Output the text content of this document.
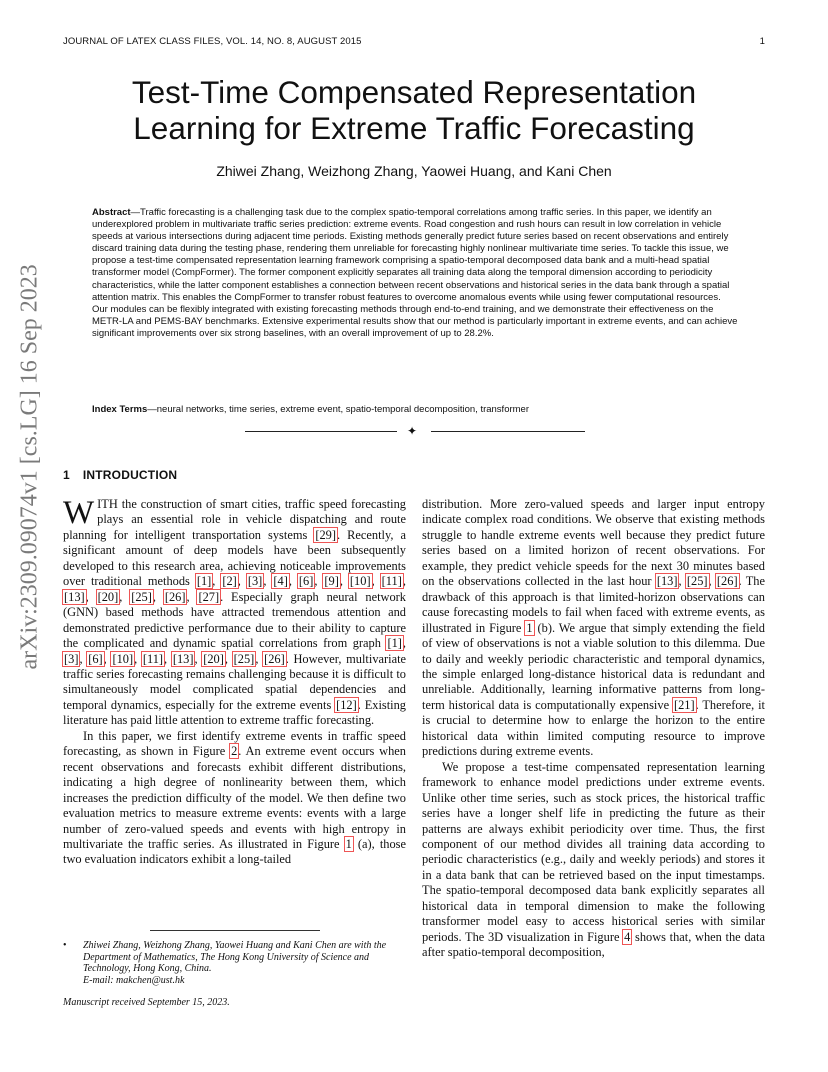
JOURNAL OF LATEX CLASS FILES, VOL. 14, NO. 8, AUGUST 2015	1
Test-Time Compensated Representation
Learning for Extreme Traffic Forecasting
Zhiwei Zhang, Weizhong Zhang, Yaowei Huang, and Kani Chen
Abstract—Traffic forecasting is a challenging task due to the complex spatio-temporal correlations among traffic series. In this paper, we identify an underexplored problem in multivariate traffic series prediction: extreme events. Road congestion and rush hours can result in low correlation in vehicle speeds at various intersections during adjacent time periods. Existing methods generally predict future series based on recent observations and entirely discard training data during the testing phase, rendering them unreliable for forecasting highly nonlinear multivariate time series. To tackle this issue, we propose a test-time compensated representation learning framework comprising a spatio-temporal decomposed data bank and a multi-head spatial transformer model (CompFormer). The former component explicitly separates all training data along the temporal dimension according to periodicity characteristics, while the latter component establishes a connection between recent observations and historical series in the data bank through a spatial attention matrix. This enables the CompFormer to transfer robust features to overcome anomalous events while using fewer computational resources. Our modules can be flexibly integrated with existing forecasting methods through end-to-end training, and we demonstrate their effectiveness on the METR-LA and PEMS-BAY benchmarks. Extensive experimental results show that our method is particularly important in extreme events, and can achieve significant improvements over six strong baselines, with an overall improvement of up to 28.2%.
Index Terms—neural networks, time series, extreme event, spatio-temporal decomposition, transformer
✦
arXiv:2309.09074v1 [cs.LG] 16 Sep 2023 1 INTRODUCTION

WITH the construction of smart cities, traffic speed forecasting plays an essential role in vehicle dispatching and route planning for intelligent transportation systems [29]. Recently, a significant amount of deep models have been subsequently developed to this research area, achieving noticeable improvements over traditional methods [1], [2], [3], [4], [6], [9], [10], [11], [13], [20], [25], [26], [27]. Especially graph neural network (GNN) based methods have attracted tremendous attention and demonstrated predictive performance due to their ability to capture the complicated and dynamic spatial correlations from graph [1], [3], [6], [10], [11], [13], [20], [25], [26]. However, multivariate traffic series forecasting remains challenging because it is difficult to simultaneously model complicated spatial dependencies and temporal dynamics, especially for the extreme events [12]. Existing literature has paid little attention to extreme traffic forecasting.

In this paper, we first identify extreme events in traffic speed forecasting, as shown in Figure 2. An extreme event occurs when recent observations and forecasts exhibit different distributions, indicating a high degree of nonlinearity between them, which increases the prediction difficulty of the model. We then define two evaluation metrics to measure extreme events: events with a large number of zero-valued speeds and events with high entropy in multivariate the traffic series. As illustrated in Figure 1 (a), those two evaluation indicators exhibit a long-tailed

distribution. More zero-valued speeds and larger input entropy indicate complex road conditions. We observe that existing methods struggle to handle extreme events well because they predict future series based on a limited horizon of recent observations. For example, they predict vehicle speeds for the next 30 minutes based on the observations collected in the last hour [13], [25], [26]. The drawback of this approach is that limited-horizon observations can cause forecasting models to fail when faced with extreme events, as illustrated in Figure 1 (b). We argue that simply extending the field of view of observations is not a viable solution to this dilemma. Due to daily and weekly periodic characteristic and temporal dynamics, the simple enlarged long-distance historical data is redundant and unreliable. Additionally, learning informative patterns from long-term historical data is computationally expensive [21]. Therefore, it is crucial to determine how to enlarge the horizon to the entire historical data within limited computing resource to improve predictions during extreme events.

We propose a test-time compensated representation learning framework to enhance model predictions under extreme events. Unlike other time series, such as stock prices, the historical traffic series have a longer shelf life in predicting the future as their patterns are always exhibit periodicity over time. Thus, the first component of our method divides all training data according to periodic characteristics (e.g., daily and weekly periods) and stores it in a data bank that can be retrieved based on the input timestamps. The spatio-temporal decomposed data bank explicitly separates all historical data in temporal dimension to make the following transformer model easy to access historical series with similar periods. The 3D visualization in Figure 4 shows that, when the data after spatio-temporal decomposition,

• Zhiwei Zhang, Weizhong Zhang, Yaowei Huang and Kani Chen are with the Department of Mathematics, The Hong Kong University of Science and Technology, Hong Kong, China.
E-mail: makchen@ust.hk
Manuscript received September 15, 2023.
